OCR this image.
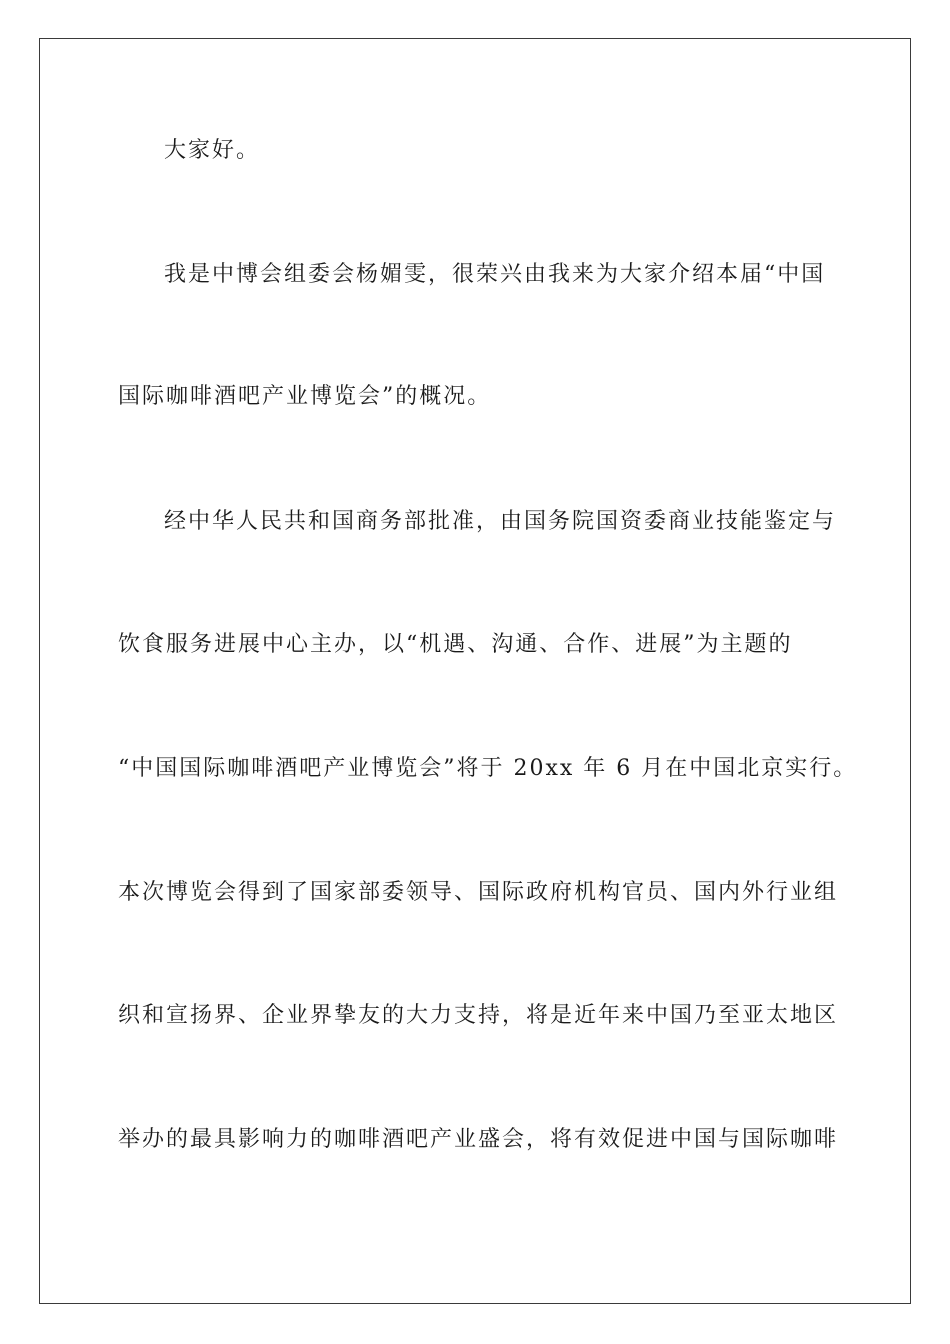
大家好。
我是中博会组委会杨媚雯，很荣兴由我来为大家介绍本届“中国
国际咖啡酒吧产业博览会”的概况。
经中华人民共和国商务部批准，由国务院国资委商业技能鉴定与
饮食服务进展中心主办，以“机遇、沟通、合作、进展”为主题的
“中国国际咖啡酒吧产业博览会”将于 20xx 年 6 月在中国北京实行。
本次博览会得到了国家部委领导、国际政府机构官员、国内外行业组
织和宣扬界、企业界挚友的大力支持，将是近年来中国乃至亚太地区
举办的最具影响力的咖啡酒吧产业盛会，将有效促进中国与国际咖啡
